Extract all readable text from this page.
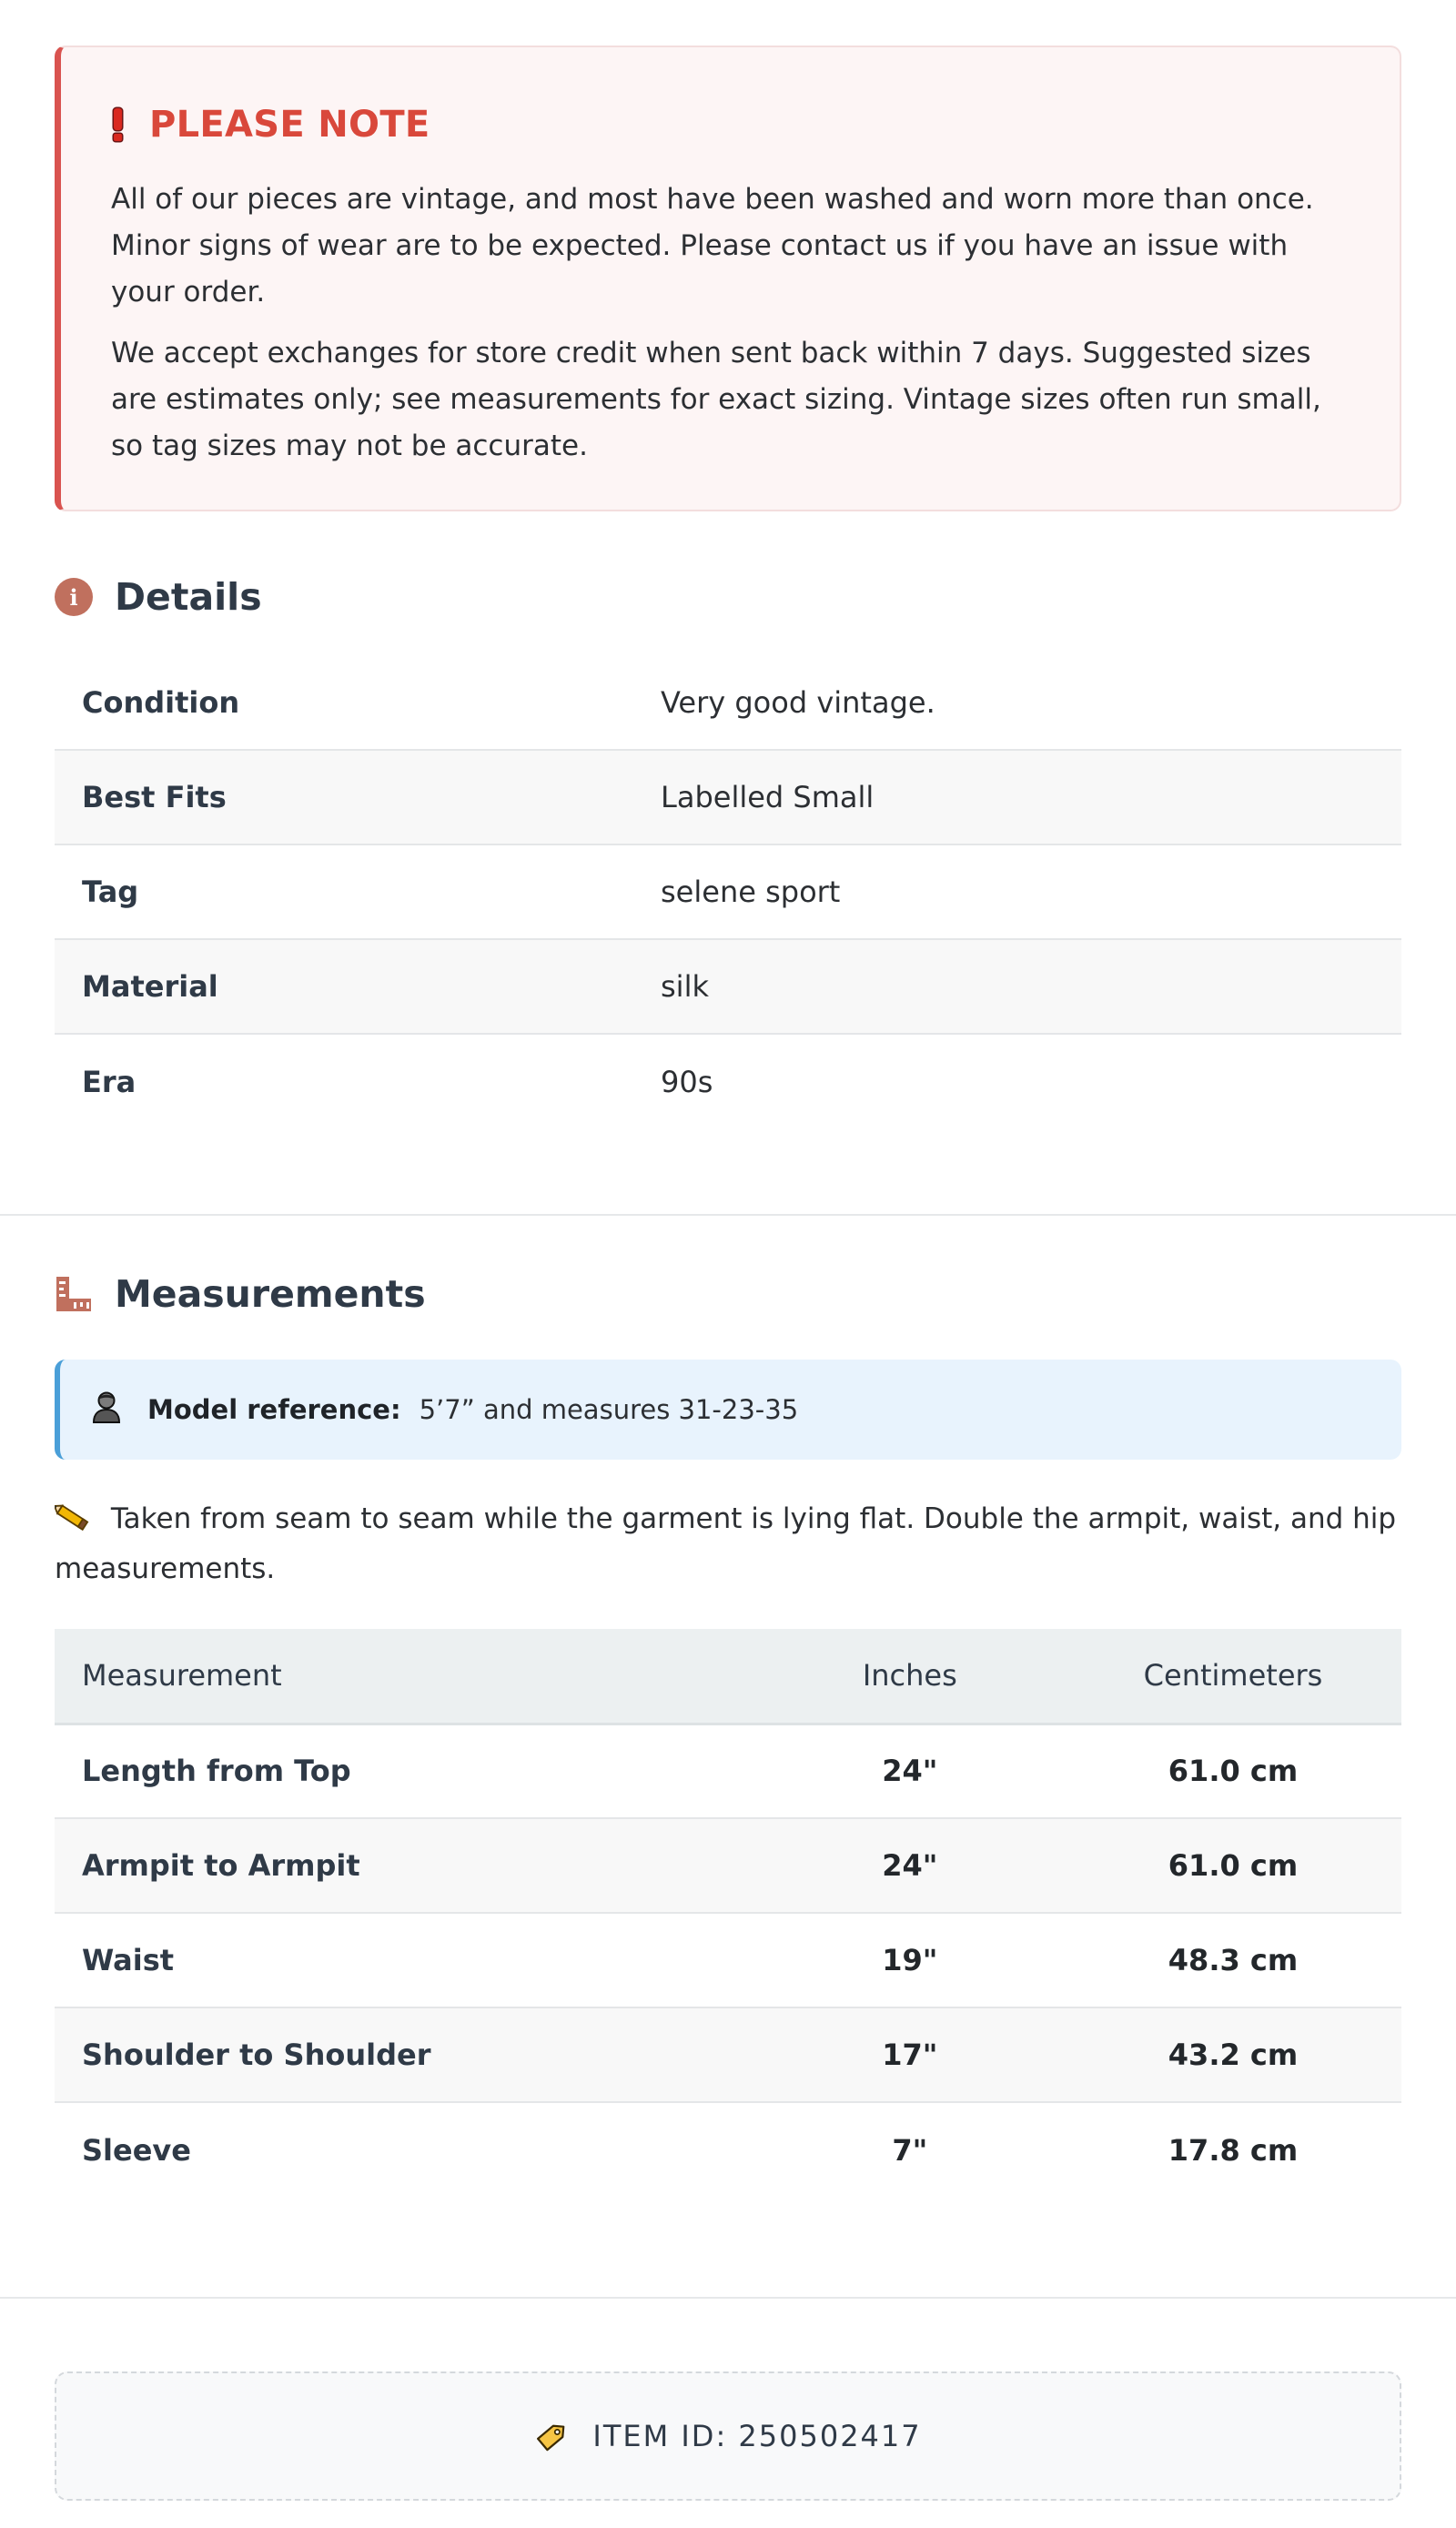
PLEASE NOTE

All of our pieces are vintage, and most have been washed and worn more than once. Minor signs of wear are to be expected. Please contact us if you have an issue with your order.

We accept exchanges for store credit when sent back within 7 days. Suggested sizes are estimates only; see measurements for exact sizing. Vintage sizes often run small, so tag sizes may not be accurate.

i Details
Condition	Very good vintage.
Best Fits	Labelled Small
Tag	selene sport
Material	silk
Era	90s
Measurements
Model reference: 5’7” and measures 31-23-35

Taken from seam to seam while the garment is lying flat. Double the armpit, waist, and hip measurements.

Measurement	Inches	Centimeters
Length from Top	24"	61.0 cm
Armpit to Armpit	24"	61.0 cm
Waist	19"	48.3 cm
Shoulder to Shoulder	17"	43.2 cm
Sleeve	7"	17.8 cm
ITEM ID: 250502417
